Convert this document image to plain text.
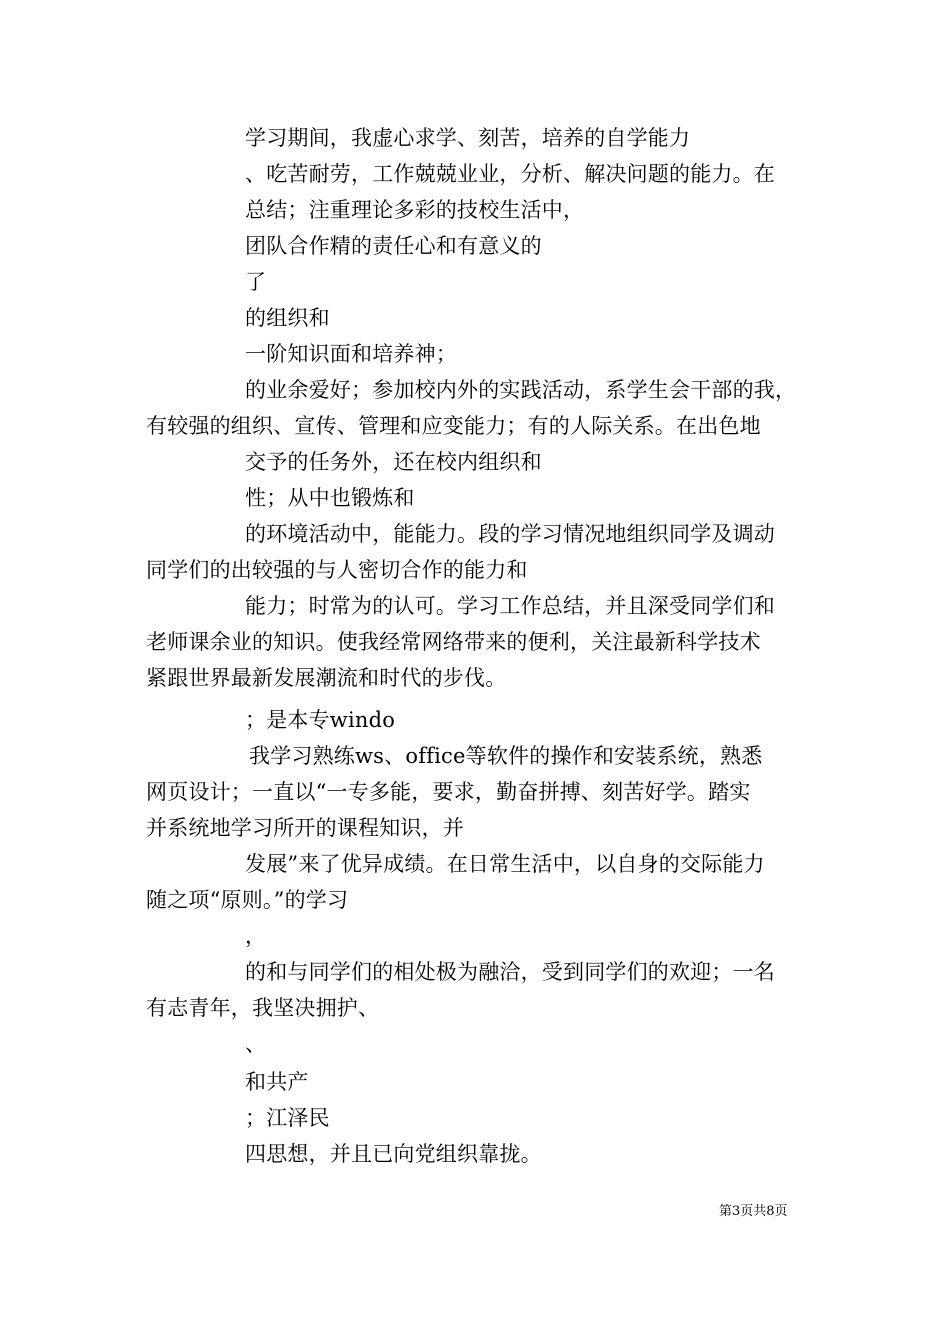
学习期间，我虚心求学、刻苦，培养的自学能力
、吃苦耐劳，工作兢兢业业，分析、解决问题的能力。在
总结；注重理论多彩的技校生活中，
团队合作精的责任心和有意义的
了
的组织和
一阶知识面和培养神；
的业余爱好；参加校内外的实践活动，系学生会干部的我，
有较强的组织、宣传、管理和应变能力；有的人际关系。在出色地
交予的任务外，还在校内组织和
性；从中也锻炼和
的环境活动中，能能力。段的学习情况地组织同学及调动
同学们的出较强的与人密切合作的能力和
能力；时常为的认可。学习工作总结，并且深受同学们和
老师课余业的知识。使我经常网络带来的便利，关注最新科学技术
紧跟世界最新发展潮流和时代的步伐。
；是本专windo
我学习熟练ws、office等软件的操作和安装系统，熟悉
网页设计；一直以“一专多能，要求，勤奋拼搏、刻苦好学。踏实
并系统地学习所开的课程知识，并
发展”来了优异成绩。在日常生活中，以自身的交际能力
随之项“原则。”的学习
，
的和与同学们的相处极为融洽，受到同学们的欢迎；一名
有志青年，我坚决拥护、
、
和共产
；江泽民
四思想，并且已向党组织靠拢。
第3页共8页
